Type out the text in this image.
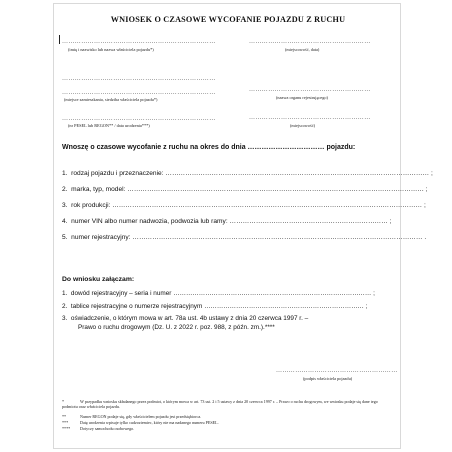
WNIOSEK O CZASOWE WYCOFANIE POJAZDU Z RUCHU
………………………………………………………………
(imię i nazwisko lub nazwa właściciela pojazdu*)
………………………………………………………………
………………………………………………………………
(miejsce zamieszkania, siedziba właściciela pojazdu*)
………………………………………………………………
(nr PESEL lub REGON** / data urodzenia***)
…………………………………………………
(miejscowość, data)
…………………………………………………
(nazwa organu rejestrującego)
…………………………………………………
(miejscowość)
Wnoszę o czasowe wycofanie z ruchu na okres do dnia …………………………… pojazdu:
1. rodzaj pojazdu i przeznaczenie: ………………………………………………………………………………………………………… ;
2. marka, typ, model: ……………………………………………………………………………………………………………………… ;
3. rok produkcji: …………………………………………………………………………………………………………………………… ;
4. numer VIN albo numer nadwozia, podwozia lub ramy: ……………………………………………………………… ;
5. numer rejestracyjny: …………………………………………………………………………………………………………………… .
Do wniosku załączam:
1. dowód rejestracyjny – seria i numer ………………………………………………………………………………… ;
2. tablice rejestracyjne o numerze rejestracyjnym ………………………………………………………………… ;
3. oświadczenie, o którym mowa w art. 78a ust. 4b ustawy z dnia 20 czerwca 1997 r. –
Prawo o ruchu drogowym (Dz. U. z 2022 r. poz. 988, z późn. zm.).****
…………………………………………………
(podpis właściciela pojazdu)
*	W przypadku wniosku składanego przez podmiot, o którym mowa w art. 73 ust. 2 i 5 ustawy z dnia 20 czerwca 1997 r. – Prawo o ruchu drogowym, we wniosku podaje się dane tego podmiotu oraz właściciela pojazdu.
**	Numer REGON podaje się, gdy właścicielem pojazdu jest przedsiębiorca.
***	Datę urodzenia wpisuje tylko cudzoziemiec, który nie ma nadanego numeru PESEL.
**** Dotyczy samochodu osobowego.
